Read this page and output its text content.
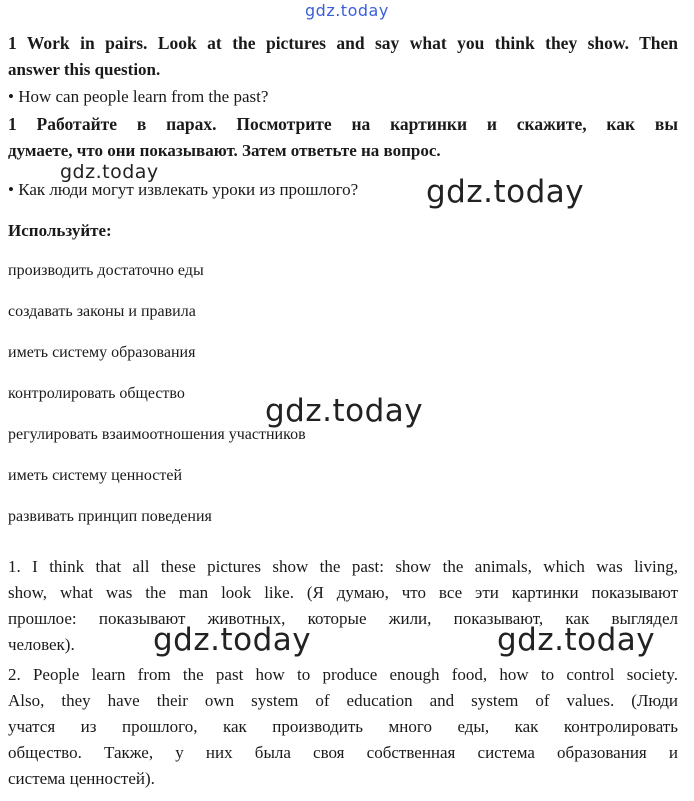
gdz.today
1 Work in pairs. Look at the pictures and say what you think they show. Then
answer this question.
• How can people learn from the past?
1 Работайте в парах. Посмотрите на картинки и скажите, как вы
думаете, что они показывают. Затем ответьте на вопрос.
• Как люди могут извлекать уроки из прошлого? gdz.today
gdz.today
Используйте:
производить достаточно еды
создавать законы и правила
иметь систему образования
контролировать общество
регулировать взаимоотношения участников
иметь систему ценностей
развивать принцип поведения
gdz.today
1. I think that all these pictures show the past: show the animals, which was living,
show, what was the man look like. (Я думаю, что все эти картинки показывают
прошлое: показывают животных, которые жили, показывают, как выглядел
человек).	gdz.today	gdz.today
2. People learn from the past how to produce enough food, how to control society.
Also, they have their own system of education and system of values. (Люди
учатся из прошлого, как производить много еды, как контролировать
общество. Также, у них была своя собственная система образования и
система ценностей).
